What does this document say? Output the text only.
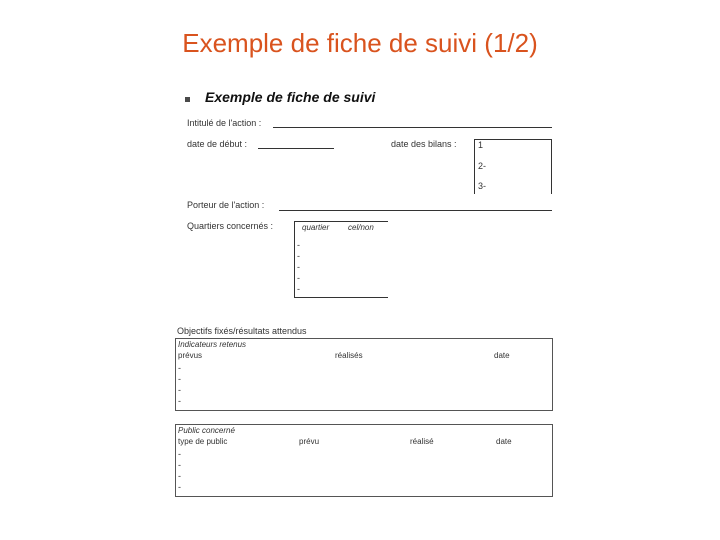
Exemple de fiche de suivi (1/2)
Exemple de fiche de suivi
Intitulé de l'action :
date de début :	date des bilans : 1
2-
3-
Porteur de l'action :
Quartiers concernés :	quartier cel/non
-
-
-
-
-
Objectifs fixés/résultats attendus
Indicateurs retenus
prévus	réalisés	date
-
-
-
-
Public concerné
type de public	prévu	réalisé	date
-
-
-
-
